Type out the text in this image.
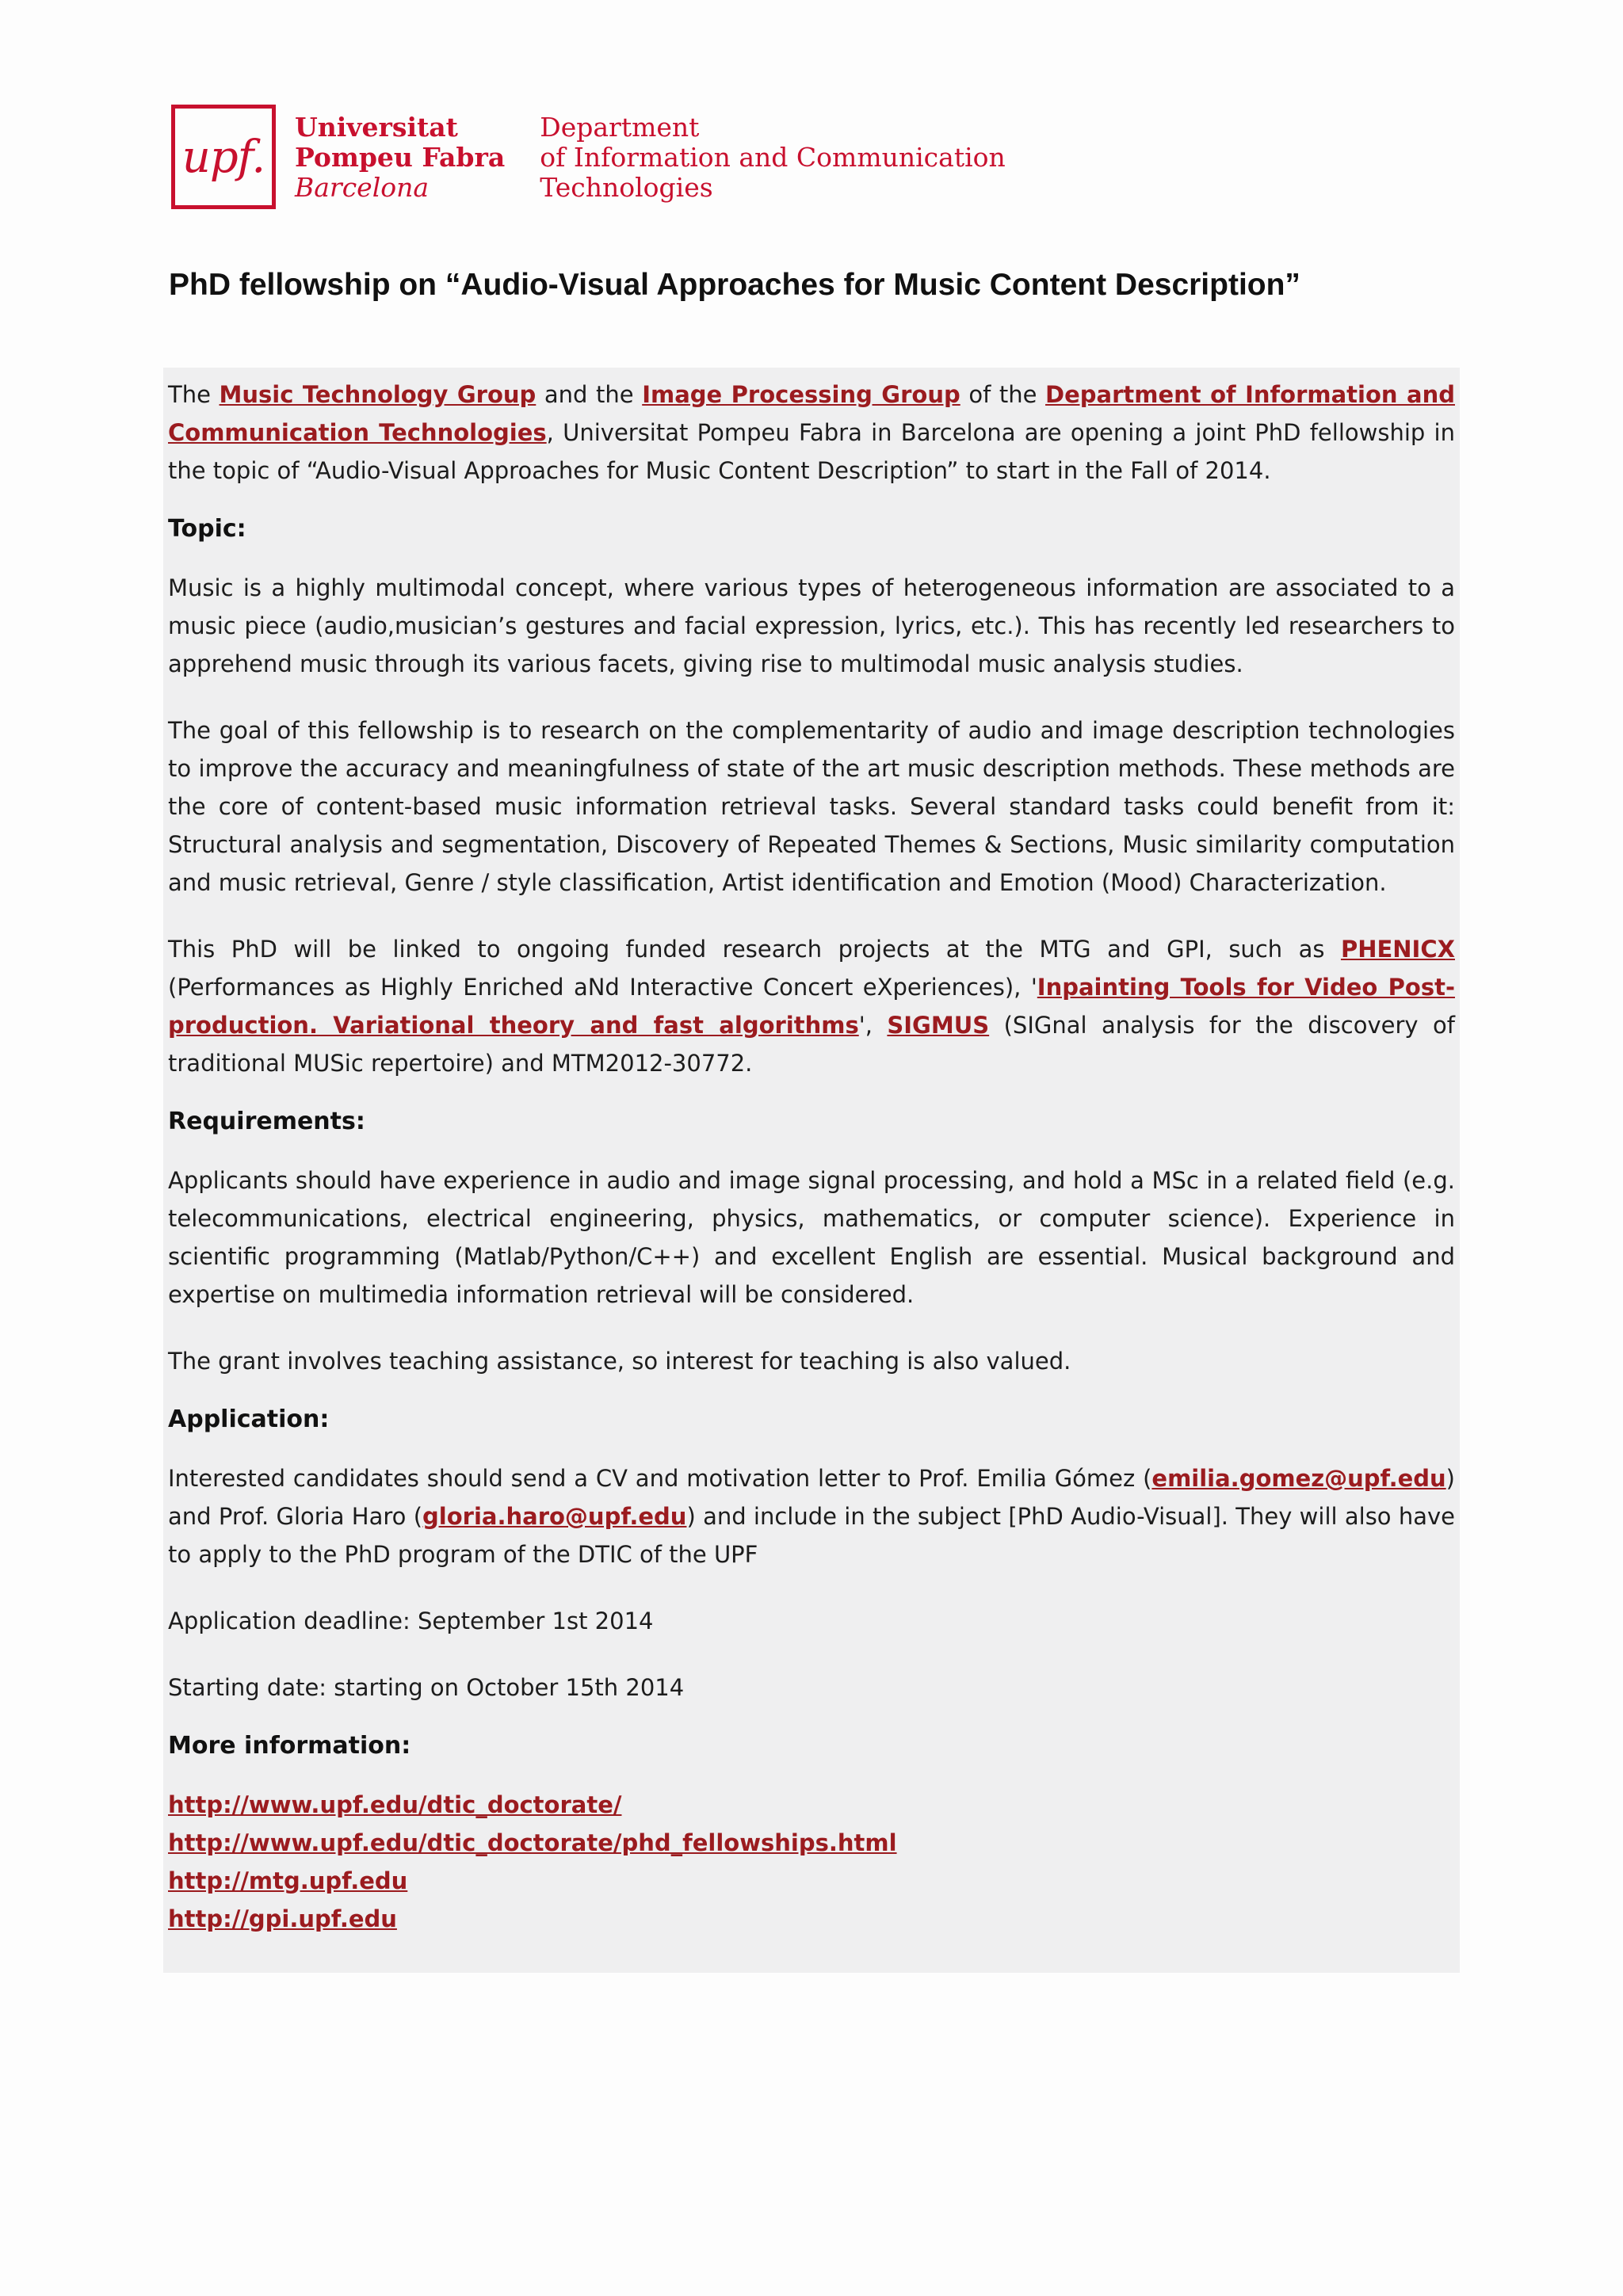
upf.
Universitat
Pompeu Fabra
Barcelona
Department
of Information and Communication
Technologies
PhD fellowship on “Audio-Visual Approaches for Music Content Description”

The Music Technology Group and the Image Processing Group of the Department of Information and Communication Technologies, Universitat Pompeu Fabra in Barcelona are opening a joint PhD fellowship in the topic of “Audio-Visual Approaches for Music Content Description” to start in the Fall of 2014.

Topic:

Music is a highly multimodal concept, where various types of heterogeneous information are associated to a music piece (audio,musician’s gestures and facial expression, lyrics, etc.). This has recently led researchers to apprehend music through its various facets, giving rise to multimodal music analysis studies.

The goal of this fellowship is to research on the complementarity of audio and image description technologies to improve the accuracy and meaningfulness of state of the art music description methods. These methods are the core of content-based music information retrieval tasks. Several standard tasks could benefit from it: Structural analysis and segmentation, Discovery of Repeated Themes & Sections, Music similarity computation and music retrieval, Genre / style classification, Artist identification and Emotion (Mood) Characterization.

This PhD will be linked to ongoing funded research projects at the MTG and GPI, such as PHENICX (Performances as Highly Enriched aNd Interactive Concert eXperiences), 'Inpainting Tools for Video Post-production. Variational theory and fast algorithms', SIGMUS (SIGnal analysis for the discovery of traditional MUSic repertoire) and MTM2012-30772.

Requirements:

Applicants should have experience in audio and image signal processing, and hold a MSc in a related field (e.g. telecommunications, electrical engineering, physics, mathematics, or computer science). Experience in scientific programming (Matlab/Python/C++) and excellent English are essential. Musical background and expertise on multimedia information retrieval will be considered.

The grant involves teaching assistance, so interest for teaching is also valued.

Application:

Interested candidates should send a CV and motivation letter to Prof. Emilia Gómez (emilia.gomez@upf.edu) and Prof. Gloria Haro (gloria.haro@upf.edu) and include in the subject [PhD Audio-Visual]. They will also have to apply to the PhD program of the DTIC of the UPF

Application deadline: September 1st 2014

Starting date: starting on October 15th 2014

More information:
http://www.upf.edu/dtic_doctorate/
http://www.upf.edu/dtic_doctorate/phd_fellowships.html
http://mtg.upf.edu
http://gpi.upf.edu
